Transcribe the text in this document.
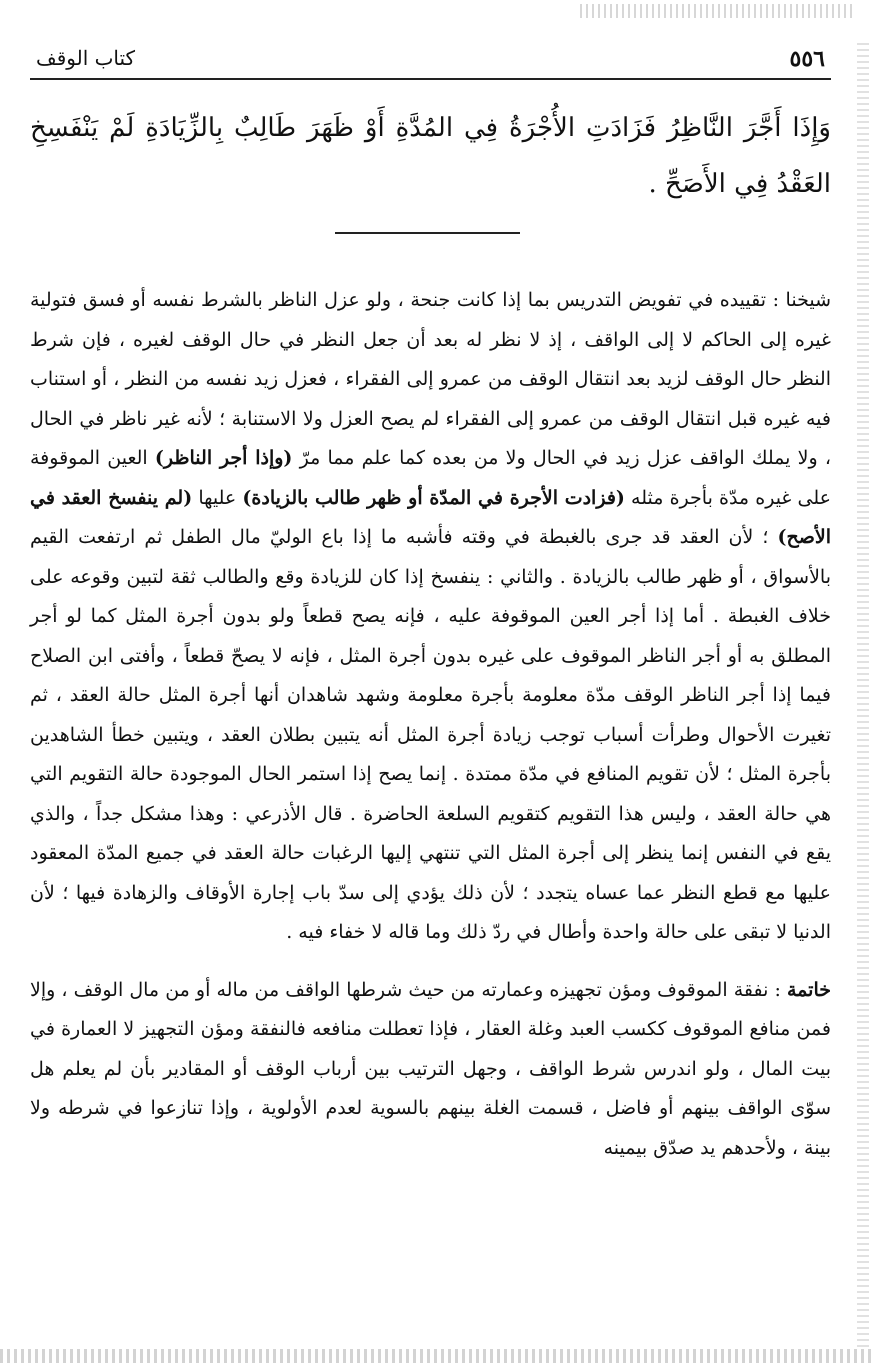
٥٥٦
كتاب الوقف
وَإِذَا أَجَّرَ النَّاظِرُ فَزَادَتِ الأُجْرَةُ فِي المُدَّةِ أَوْ ظَهَرَ طَالِبٌ بِالزِّيَادَةِ لَمْ يَنْفَسِخِ العَقْدُ فِي الأَصَحِّ .

شيخنا : تقييده في تفويض التدريس بما إذا كانت جنحة ، ولو عزل الناظر بالشرط نفسه أو فسق فتولية غيره إلى الحاكم لا إلى الواقف ، إذ لا نظر له بعد أن جعل النظر في حال الوقف لغيره ، فإن شرط النظر حال الوقف لزيد بعد انتقال الوقف من عمرو إلى الفقراء ، فعزل زيد نفسه من النظر ، أو استناب فيه غيره قبل انتقال الوقف من عمرو إلى الفقراء لم يصح العزل ولا الاستنابة ؛ لأنه غير ناظر في الحال ، ولا يملك الواقف عزل زيد في الحال ولا من بعده كما علم مما مرّ (وإذا أجر الناظر) العين الموقوفة على غيره مدّة بأجرة مثله (فزادت الأجرة في المدّة أو ظهر طالب بالزيادة) عليها (لم ينفسخ العقد في الأصح) ؛ لأن العقد قد جرى بالغبطة في وقته فأشبه ما إذا باع الوليّ مال الطفل ثم ارتفعت القيم بالأسواق ، أو ظهر طالب بالزيادة . والثاني : ينفسخ إذا كان للزيادة وقع والطالب ثقة لتبين وقوعه على خلاف الغبطة . أما إذا أجر العين الموقوفة عليه ، فإنه يصح قطعاً ولو بدون أجرة المثل كما لو أجر المطلق به أو أجر الناظر الموقوف على غيره بدون أجرة المثل ، فإنه لا يصحّ قطعاً ، وأفتى ابن الصلاح فيما إذا أجر الناظر الوقف مدّة معلومة بأجرة معلومة وشهد شاهدان أنها أجرة المثل حالة العقد ، ثم تغيرت الأحوال وطرأت أسباب توجب زيادة أجرة المثل أنه يتبين بطلان العقد ، ويتبين خطأ الشاهدين بأجرة المثل ؛ لأن تقويم المنافع في مدّة ممتدة . إنما يصح إذا استمر الحال الموجودة حالة التقويم التي هي حالة العقد ، وليس هذا التقويم كتقويم السلعة الحاضرة . قال الأذرعي : وهذا مشكل جداً ، والذي يقع في النفس إنما ينظر إلى أجرة المثل التي تنتهي إليها الرغبات حالة العقد في جميع المدّة المعقود عليها مع قطع النظر عما عساه يتجدد ؛ لأن ذلك يؤدي إلى سدّ باب إجارة الأوقاف والزهادة فيها ؛ لأن الدنيا لا تبقى على حالة واحدة وأطال في ردّ ذلك وما قاله لا خفاء فيه .

خاتمة : نفقة الموقوف ومؤن تجهيزه وعمارته من حيث شرطها الواقف من ماله أو من مال الوقف ، وإلا فمن منافع الموقوف ككسب العبد وغلة العقار ، فإذا تعطلت منافعه فالنفقة ومؤن التجهيز لا العمارة في بيت المال ، ولو اندرس شرط الواقف ، وجهل الترتيب بين أرباب الوقف أو المقادير بأن لم يعلم هل سوّى الواقف بينهم أو فاضل ، قسمت الغلة بينهم بالسوية لعدم الأولوية ، وإذا تنازعوا في شرطه ولا بينة ، ولأحدهم يد صدّق بيمينه
